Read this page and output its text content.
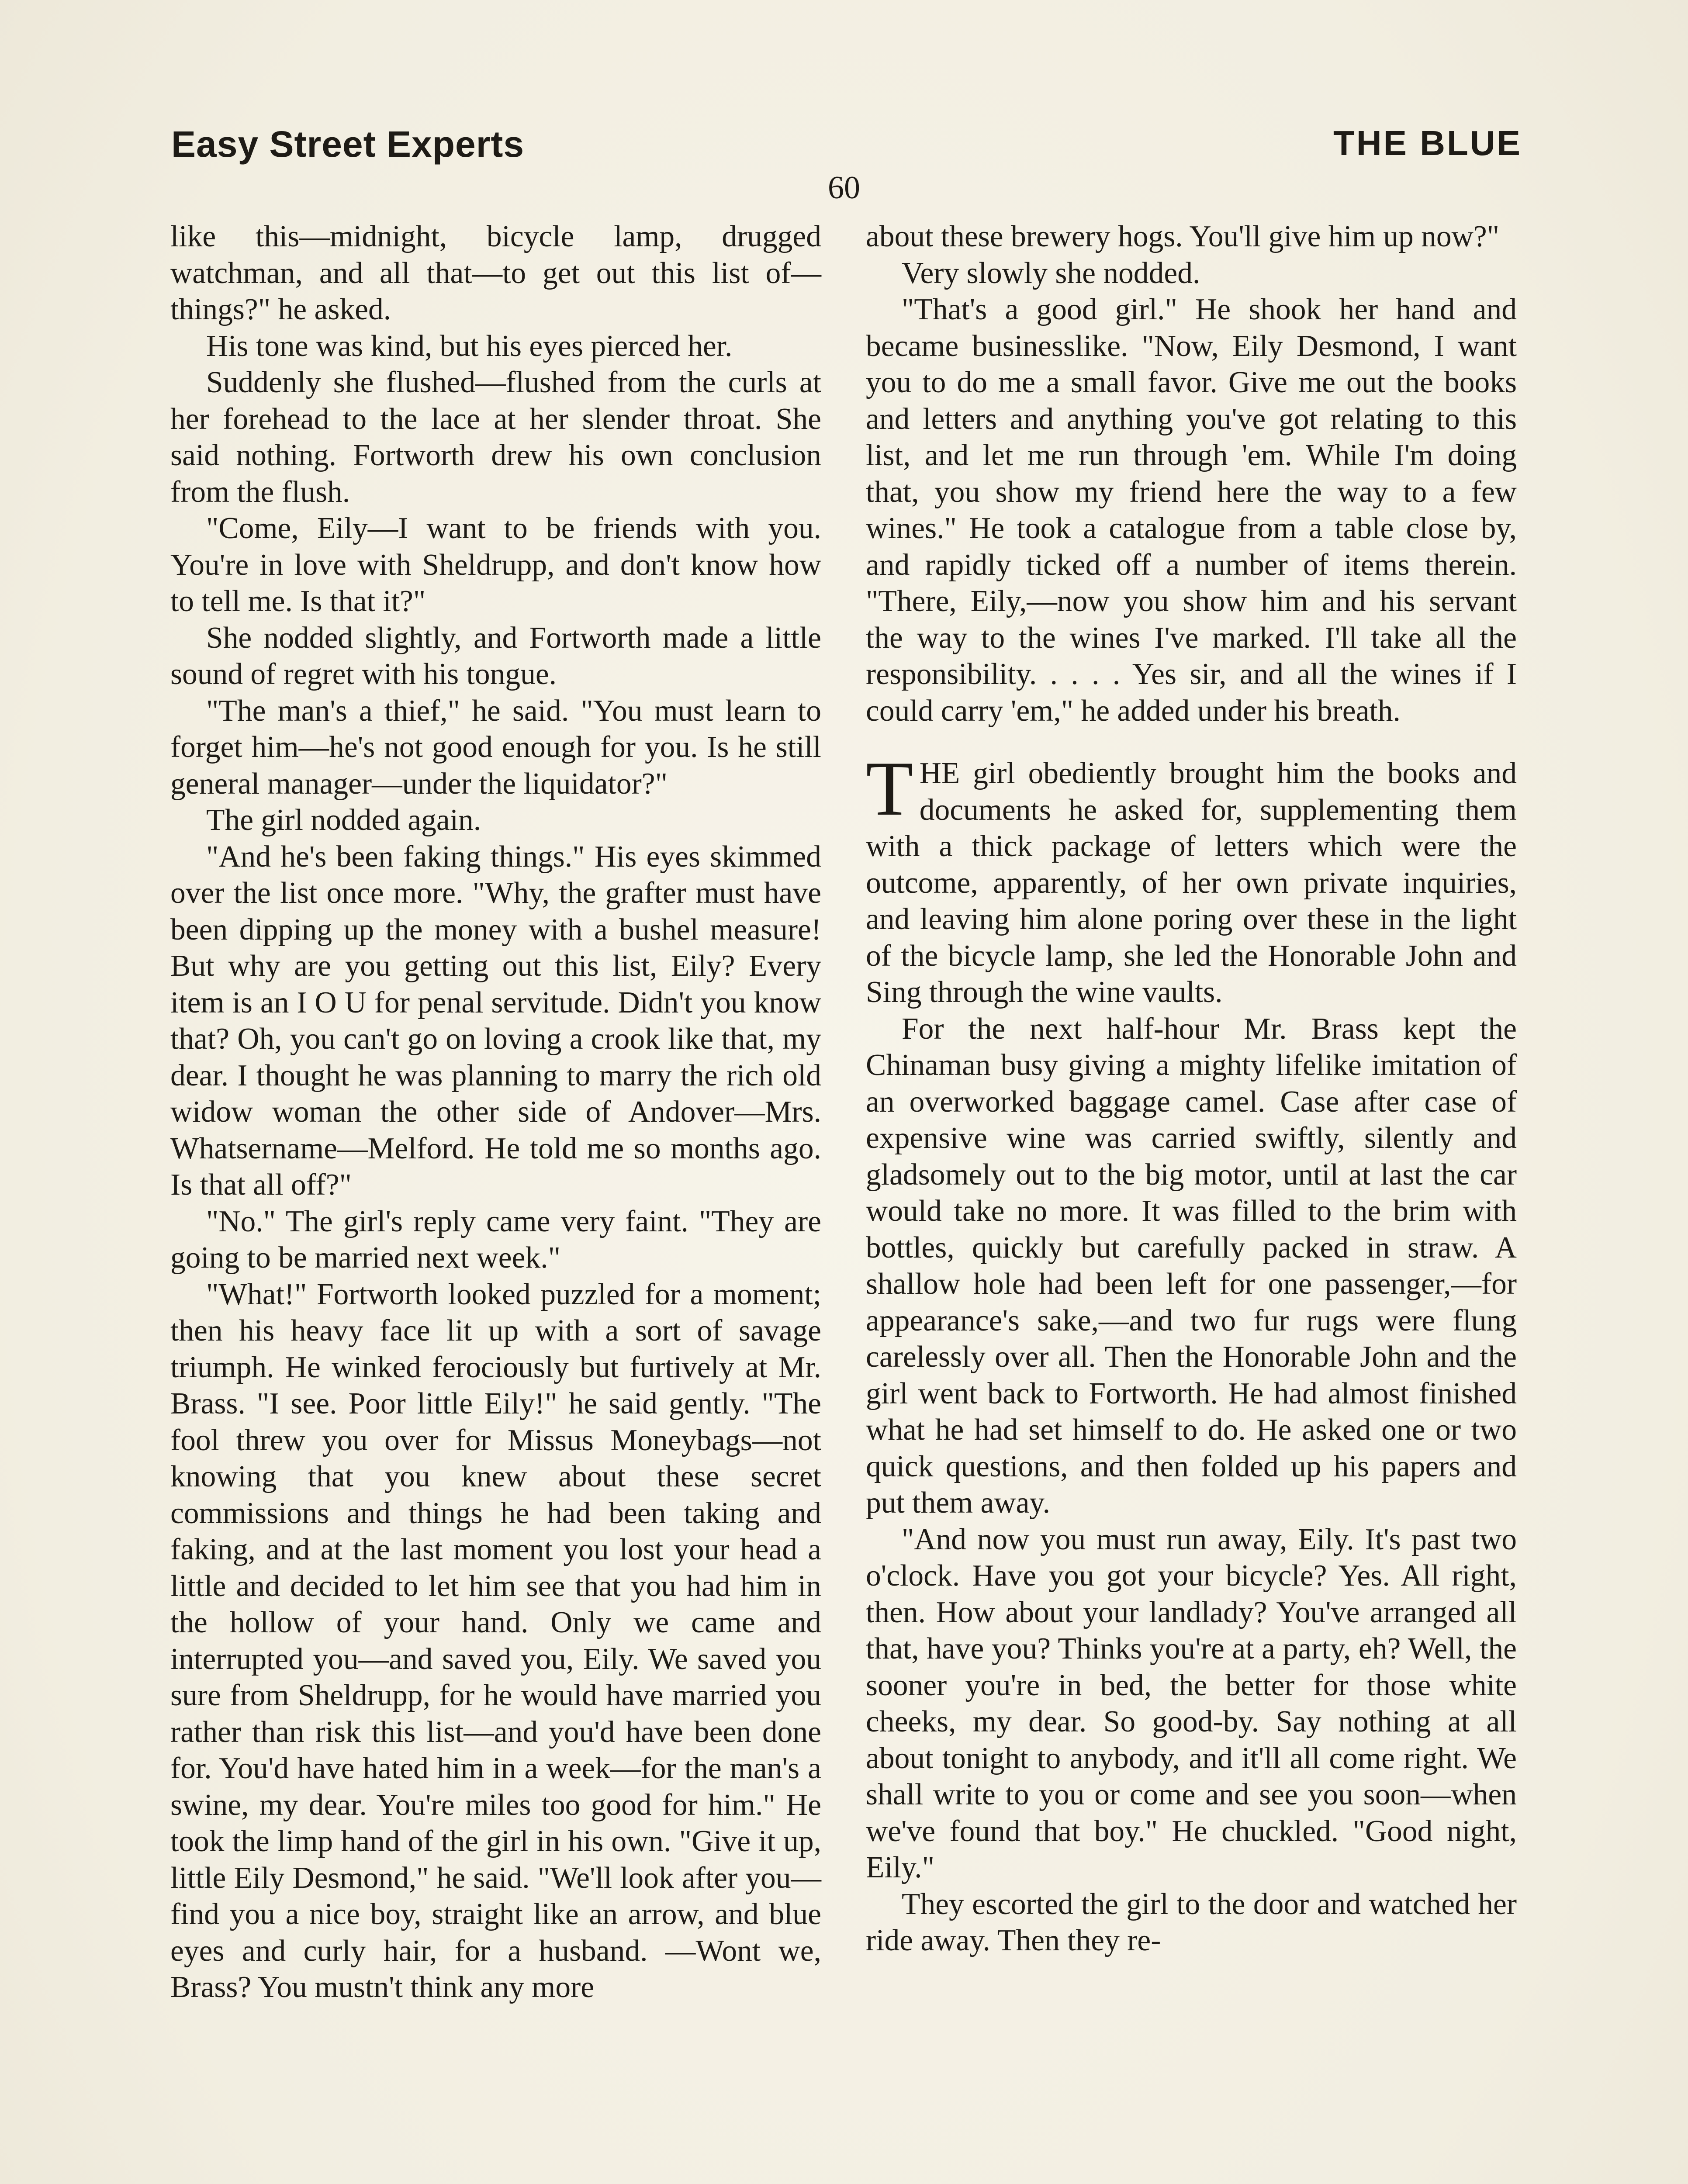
Easy Street Experts	THE BLUE
60

like this—midnight, bicycle lamp, drugged watchman, and all that—to get out this list of—things?" he asked.

His tone was kind, but his eyes pierced her.

Suddenly she flushed—flushed from the curls at her forehead to the lace at her slender throat. She said nothing. Fortworth drew his own conclusion from the flush.

"Come, Eily—I want to be friends with you. You're in love with Sheldrupp, and don't know how to tell me. Is that it?"

She nodded slightly, and Fortworth made a little sound of regret with his tongue.

"The man's a thief," he said. "You must learn to forget him—he's not good enough for you. Is he still general manager—under the liquidator?"

The girl nodded again.

"And he's been faking things." His eyes skimmed over the list once more. "Why, the grafter must have been dipping up the money with a bushel measure! But why are you getting out this list, Eily? Every item is an I O U for penal servitude. Didn't you know that? Oh, you can't go on loving a crook like that, my dear. I thought he was planning to marry the rich old widow woman the other side of Andover—Mrs. Whatsername—Melford. He told me so months ago. Is that all off?"

"No." The girl's reply came very faint. "They are going to be married next week."

"What!" Fortworth looked puzzled for a moment; then his heavy face lit up with a sort of savage triumph. He winked ferociously but furtively at Mr. Brass. "I see. Poor little Eily!" he said gently. "The fool threw you over for Missus Moneybags—not knowing that you knew about these secret commissions and things he had been taking and faking, and at the last moment you lost your head a little and decided to let him see that you had him in the hollow of your hand. Only we came and interrupted you—and saved you, Eily. We saved you sure from Sheldrupp, for he would have married you rather than risk this list—and you'd have been done for. You'd have hated him in a week—for the man's a swine, my dear. You're miles too good for him." He took the limp hand of the girl in his own. "Give it up, little Eily Desmond," he said. "We'll look after you—find you a nice boy, straight like an arrow, and blue eyes and curly hair, for a husband. —Wont we, Brass? You mustn't think any more

about these brewery hogs. You'll give him up now?"

Very slowly she nodded.

"That's a good girl." He shook her hand and became businesslike. "Now, Eily Desmond, I want you to do me a small favor. Give me out the books and letters and anything you've got relating to this list, and let me run through 'em. While I'm doing that, you show my friend here the way to a few wines." He took a catalogue from a table close by, and rapidly ticked off a number of items therein. "There, Eily,—now you show him and his servant the way to the wines I've marked. I'll take all the responsibility. . . . . Yes sir, and all the wines if I could carry 'em," he added under his breath.

THE girl obediently brought him the books and documents he asked for, supplementing them with a thick package of letters which were the outcome, apparently, of her own private inquiries, and leaving him alone poring over these in the light of the bicycle lamp, she led the Honorable John and Sing through the wine vaults.

For the next half-hour Mr. Brass kept the Chinaman busy giving a mighty lifelike imitation of an overworked baggage camel. Case after case of expensive wine was carried swiftly, silently and gladsomely out to the big motor, until at last the car would take no more. It was filled to the brim with bottles, quickly but carefully packed in straw. A shallow hole had been left for one passenger,—for appearance's sake,—and two fur rugs were flung carelessly over all. Then the Honorable John and the girl went back to Fortworth. He had almost finished what he had set himself to do. He asked one or two quick questions, and then folded up his papers and put them away.

"And now you must run away, Eily. It's past two o'clock. Have you got your bicycle? Yes. All right, then. How about your landlady? You've arranged all that, have you? Thinks you're at a party, eh? Well, the sooner you're in bed, the better for those white cheeks, my dear. So good-by. Say nothing at all about tonight to anybody, and it'll all come right. We shall write to you or come and see you soon—when we've found that boy." He chuckled. "Good night, Eily."

They escorted the girl to the door and watched her ride away. Then they re-
